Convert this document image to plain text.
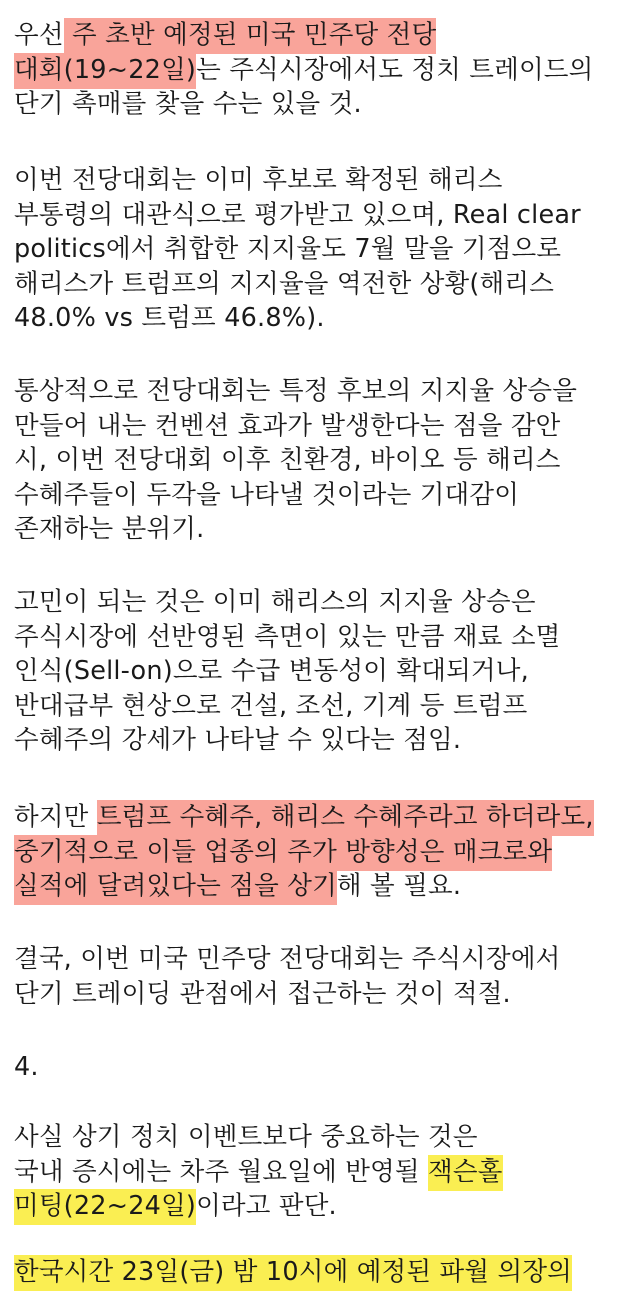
우선 주 초반 예정된 미국 민주당 전당
대회(19~22일)는 주식시장에서도 정치 트레이드의
단기 촉매를 찾을 수는 있을 것.
이번 전당대회는 이미 후보로 확정된 해리스
부통령의 대관식으로 평가받고 있으며, Real clear
politics에서 취합한 지지율도 7월 말을 기점으로
해리스가 트럼프의 지지율을 역전한 상황(해리스
48.0% vs 트럼프 46.8%).
통상적으로 전당대회는 특정 후보의 지지율 상승을
만들어 내는 컨벤션 효과가 발생한다는 점을 감안
시, 이번 전당대회 이후 친환경, 바이오 등 해리스
수혜주들이 두각을 나타낼 것이라는 기대감이
존재하는 분위기.
고민이 되는 것은 이미 해리스의 지지율 상승은
주식시장에 선반영된 측면이 있는 만큼 재료 소멸
인식(Sell-on)으로 수급 변동성이 확대되거나,
반대급부 현상으로 건설, 조선, 기계 등 트럼프
수혜주의 강세가 나타날 수 있다는 점임.
하지만 트럼프 수혜주, 해리스 수혜주라고 하더라도,
중기적으로 이들 업종의 주가 방향성은 매크로와
실적에 달려있다는 점을 상기해 볼 필요.
결국, 이번 미국 민주당 전당대회는 주식시장에서
단기 트레이딩 관점에서 접근하는 것이 적절.
4.
사실 상기 정치 이벤트보다 중요하는 것은
국내 증시에는 차주 월요일에 반영될 잭슨홀
미팅(22~24일)이라고 판단.
한국시간 23일(금) 밤 10시에 예정된 파월 의장의
